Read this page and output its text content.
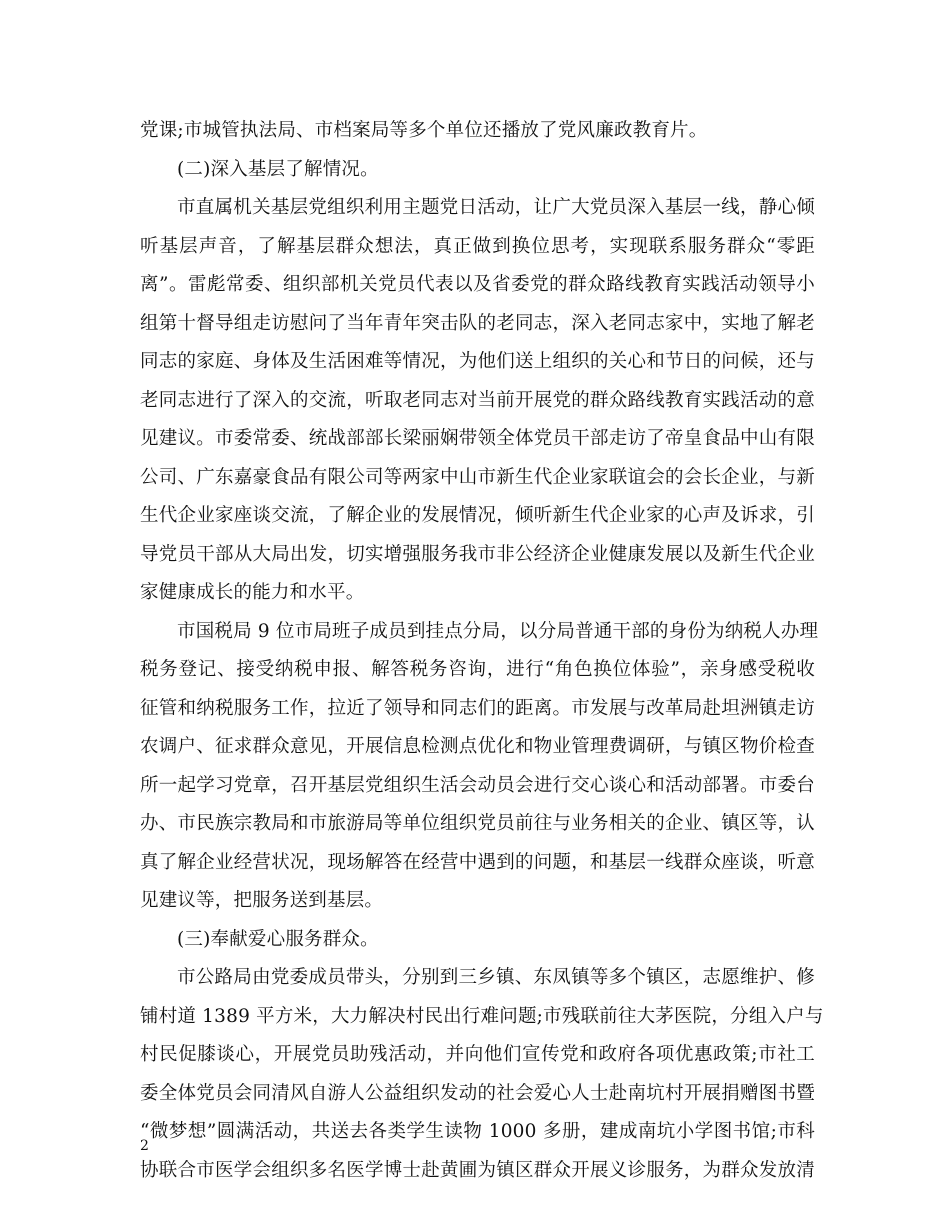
党课;市城管执法局、市档案局等多个单位还播放了党风廉政教育片。
(二)深入基层了解情况。
市直属机关基层党组织利用主题党日活动，让广大党员深入基层一线，静心倾
听基层声音，了解基层群众想法，真正做到换位思考，实现联系服务群众“零距
离”。雷彪常委、组织部机关党员代表以及省委党的群众路线教育实践活动领导小
组第十督导组走访慰问了当年青年突击队的老同志，深入老同志家中，实地了解老
同志的家庭、身体及生活困难等情况，为他们送上组织的关心和节日的问候，还与
老同志进行了深入的交流，听取老同志对当前开展党的群众路线教育实践活动的意
见建议。市委常委、统战部部长梁丽娴带领全体党员干部走访了帝皇食品中山有限
公司、广东嘉豪食品有限公司等两家中山市新生代企业家联谊会的会长企业，与新
生代企业家座谈交流，了解企业的发展情况，倾听新生代企业家的心声及诉求，引
导党员干部从大局出发，切实增强服务我市非公经济企业健康发展以及新生代企业
家健康成长的能力和水平。
市国税局 9 位市局班子成员到挂点分局，以分局普通干部的身份为纳税人办理
税务登记、接受纳税申报、解答税务咨询，进行“角色换位体验”，亲身感受税收
征管和纳税服务工作，拉近了领导和同志们的距离。市发展与改革局赴坦洲镇走访
农调户、征求群众意见，开展信息检测点优化和物业管理费调研，与镇区物价检查
所一起学习党章，召开基层党组织生活会动员会进行交心谈心和活动部署。市委台
办、市民族宗教局和市旅游局等单位组织党员前往与业务相关的企业、镇区等，认
真了解企业经营状况，现场解答在经营中遇到的问题，和基层一线群众座谈，听意
见建议等，把服务送到基层。
(三)奉献爱心服务群众。
市公路局由党委成员带头，分别到三乡镇、东凤镇等多个镇区，志愿维护、修
铺村道 1389 平方米，大力解决村民出行难问题;市残联前往大茅医院，分组入户与
村民促膝谈心，开展党员助残活动，并向他们宣传党和政府各项优惠政策;市社工
委全体党员会同清风自游人公益组织发动的社会爱心人士赴南坑村开展捐赠图书暨
“微梦想”圆满活动，共送去各类学生读物 1000 多册，建成南坑小学图书馆;市科
协联合市医学会组织多名医学博士赴黄圃为镇区群众开展义诊服务，为群众发放清
2
